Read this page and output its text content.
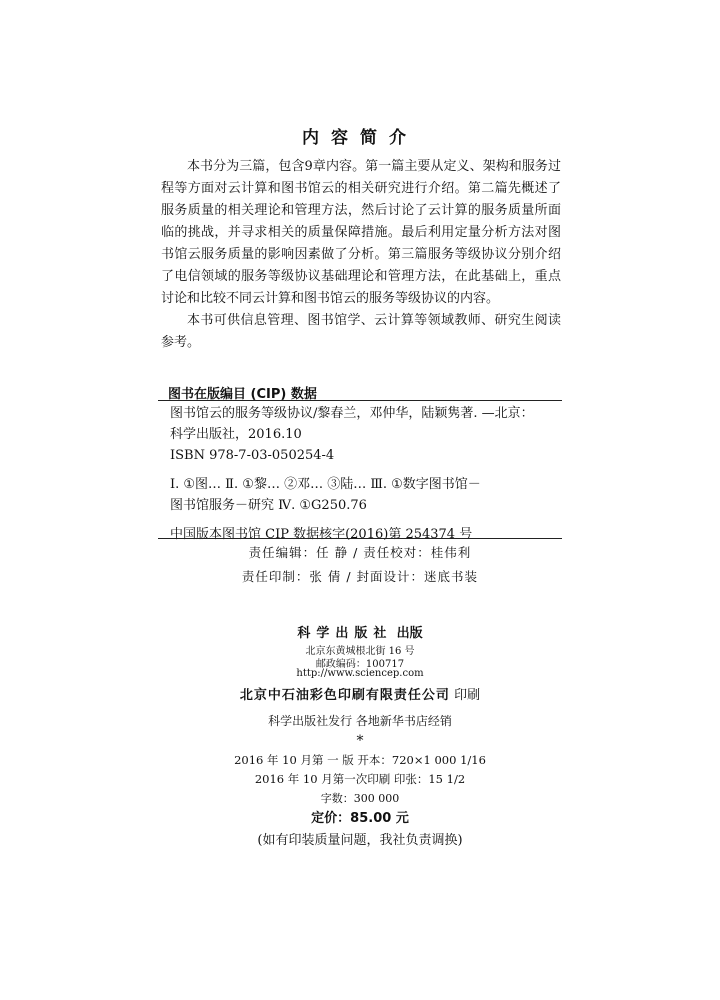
内容简介

本书分为三篇，包含9章内容。第一篇主要从定义、架构和服务过程等方面对云计算和图书馆云的相关研究进行介绍。第二篇先概述了服务质量的相关理论和管理方法，然后讨论了云计算的服务质量所面临的挑战，并寻求相关的质量保障措施。最后利用定量分析方法对图书馆云服务质量的影响因素做了分析。第三篇服务等级协议分别介绍了电信领域的服务等级协议基础理论和管理方法，在此基础上，重点讨论和比较不同云计算和图书馆云的服务等级协议的内容。

本书可供信息管理、图书馆学、云计算等领域教师、研究生阅读参考。

图书在版编目 (CIP) 数据
图书馆云的服务等级协议/黎春兰，邓仲华，陆颖隽著. —北京：
科学出版社，2016.10
ISBN 978-7-03-050254-4
Ⅰ. ①图… Ⅱ. ①黎… ②邓… ③陆… Ⅲ. ①数字图书馆－
图书馆服务－研究 Ⅳ. ①G250.76
中国版本图书馆 CIP 数据核字(2016)第 254374 号
责任编辑：任 静 / 责任校对：桂伟利
责任印制：张 倩 / 封面设计：迷底书装
科学出版社 出版
北京东黄城根北街 16 号
邮政编码：100717
http://www.sciencep.com
北京中石油彩色印刷有限责任公司 印刷
科学出版社发行 各地新华书店经销
*
2016 年 10 月第 一 版 开本：720×1 000 1/16
2016 年 10 月第一次印刷 印张：15 1/2
字数：300 000
定价：85.00 元
(如有印装质量问题，我社负责调换)
